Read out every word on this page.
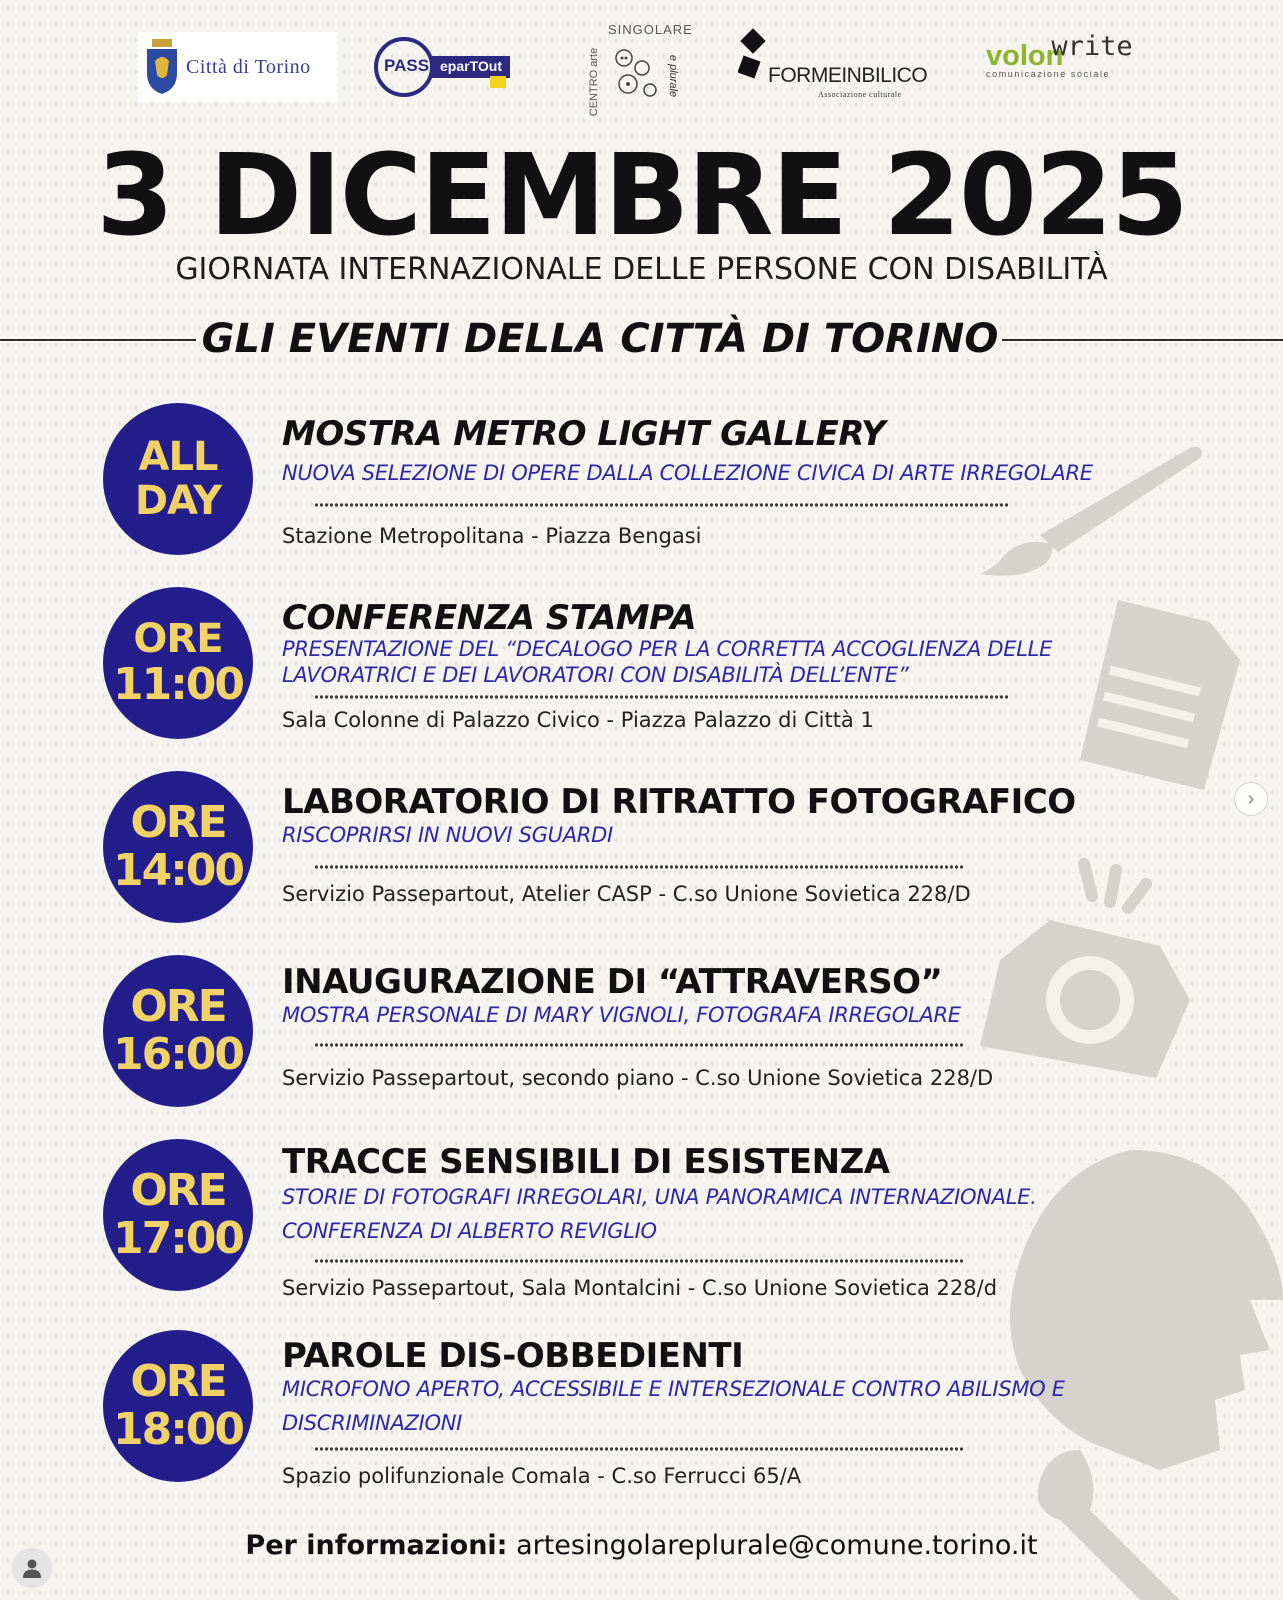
Città di Torino	PASS eparTOut
SINGOLARE
CENTRO arte	e plurale	FORMEINBILICO
Associazione culturale
volonwrite
comunicazione sociale
3 DICEMBRE 2025
GIORNATA INTERNAZIONALE DELLE PERSONE CON DISABILITÀ
GLI EVENTI DELLA CITTÀ DI TORINO
ALL
DAY
MOSTRA METRO LIGHT GALLERY
NUOVA SELEZIONE DI OPERE DALLA COLLEZIONE CIVICA DI ARTE IRREGOLARE
Stazione Metropolitana - Piazza Bengasi
ORE
11:00
CONFERENZA STAMPA
PRESENTAZIONE DEL “DECALOGO PER LA CORRETTA ACCOGLIENZA DELLE
LAVORATRICI E DEI LAVORATORI CON DISABILITÀ DELL’ENTE”
Sala Colonne di Palazzo Civico - Piazza Palazzo di Città 1
ORE
14:00
LABORATORIO DI RITRATTO FOTOGRAFICO
RISCOPRIRSI IN NUOVI SGUARDI
Servizio Passepartout, Atelier CASP - C.so Unione Sovietica 228/D
ORE
16:00
INAUGURAZIONE DI “ATTRAVERSO”
MOSTRA PERSONALE DI MARY VIGNOLI, FOTOGRAFA IRREGOLARE
Servizio Passepartout, secondo piano - C.so Unione Sovietica 228/D
ORE
17:00
TRACCE SENSIBILI DI ESISTENZA
STORIE DI FOTOGRAFI IRREGOLARI, UNA PANORAMICA INTERNAZIONALE.
CONFERENZA DI ALBERTO REVIGLIO
Servizio Passepartout, Sala Montalcini - C.so Unione Sovietica 228/d
ORE
18:00
PAROLE DIS-OBBEDIENTI
MICROFONO APERTO, ACCESSIBILE E INTERSEZIONALE CONTRO ABILISMO E
DISCRIMINAZIONI
Spazio polifunzionale Comala - C.so Ferrucci 65/A
›
Per informazioni: artesingolareplurale@comune.torino.it
